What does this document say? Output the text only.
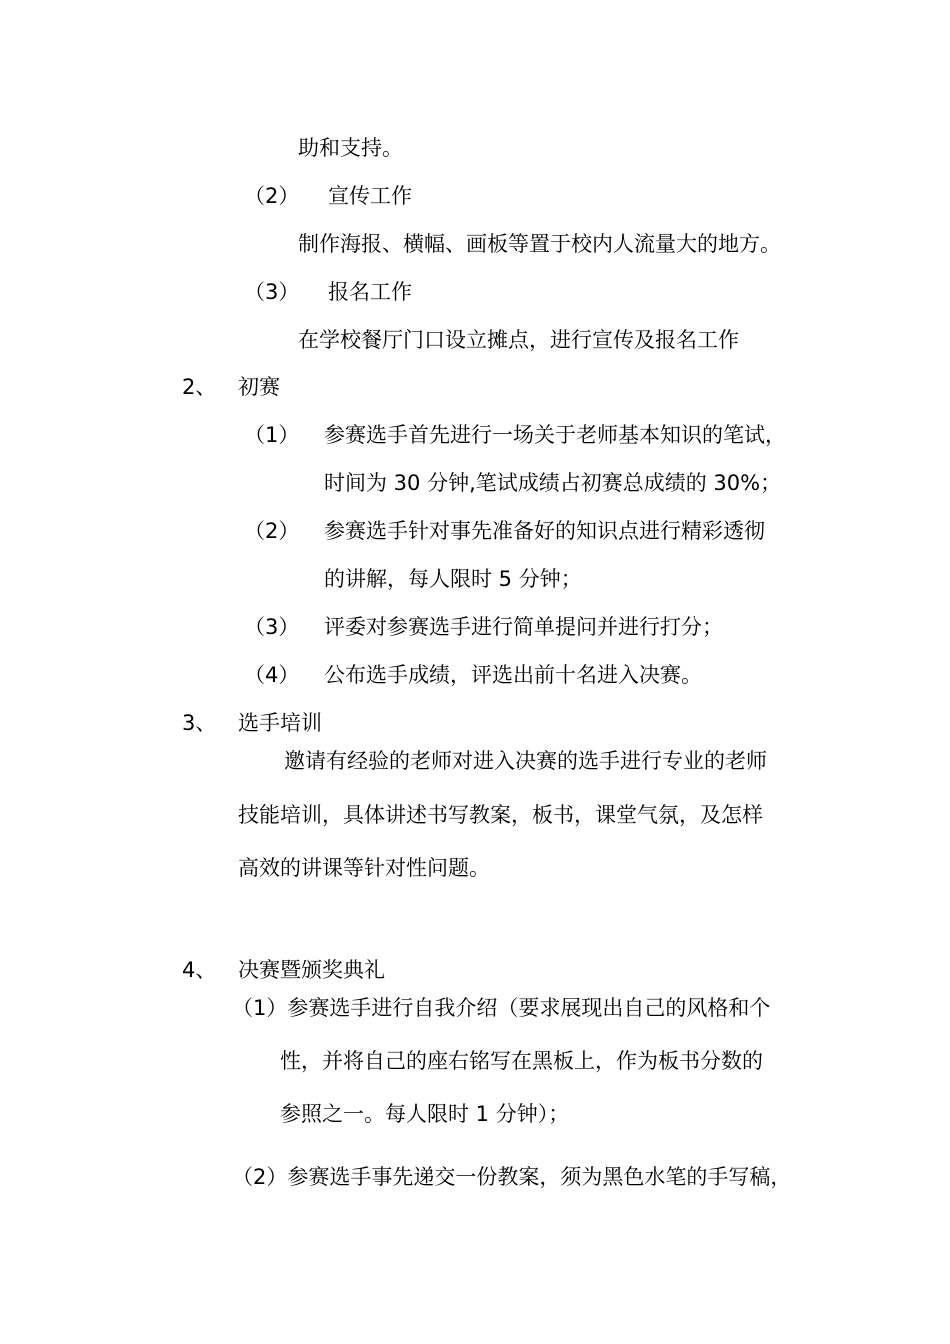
助和支持。
（2） 宣传工作
制作海报、横幅、画板等置于校内人流量大的地方。
（3） 报名工作
在学校餐厅门口设立摊点，进行宣传及报名工作
2、 初赛
（1） 参赛选手首先进行一场关于老师基本知识的笔试，
时间为 30 分钟,笔试成绩占初赛总成绩的 30%；
（2） 参赛选手针对事先准备好的知识点进行精彩透彻
的讲解，每人限时 5 分钟；
（3） 评委对参赛选手进行简单提问并进行打分；
（4） 公布选手成绩，评选出前十名进入决赛。
3、 选手培训
邀请有经验的老师对进入决赛的选手进行专业的老师
技能培训，具体讲述书写教案，板书，课堂气氛，及怎样
高效的讲课等针对性问题。
4、 决赛暨颁奖典礼
（1）参赛选手进行自我介绍（要求展现出自己的风格和个
性，并将自己的座右铭写在黑板上，作为板书分数的
参照之一。每人限时 1 分钟）；
（2）参赛选手事先递交一份教案，须为黑色水笔的手写稿，
